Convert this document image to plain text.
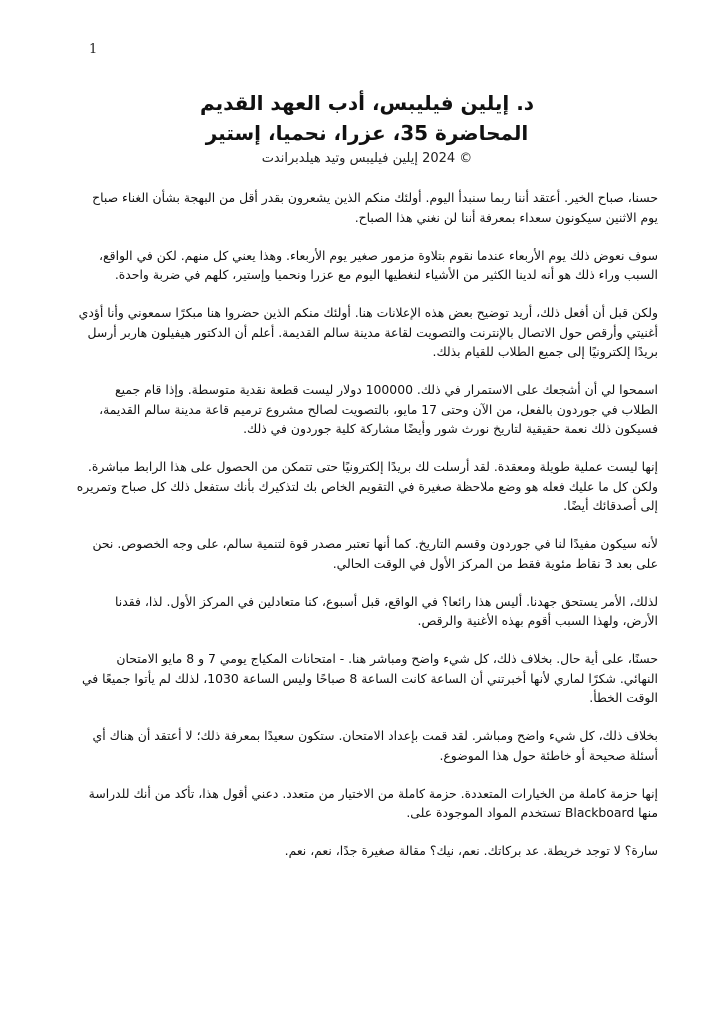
1
د. إيلين فيليبس، أدب العهد القديم
المحاضرة 35، عزرا، نحميا، إستير
© 2024 إيلين فيليبس وتيد هيلدبراندت

حسنا، صباح الخير. أعتقد أننا ربما سنبدأ اليوم. أولئك منكم الذين يشعرون بقدر أقل من البهجة بشأن الغناء صباح يوم الاثنين سيكونون سعداء بمعرفة أننا لن نغني هذا الصباح.

سوف نعوض ذلك يوم الأربعاء عندما نقوم بتلاوة مزمور صغير يوم الأربعاء. وهذا يعني كل منهم. لكن في الواقع، السبب وراء ذلك هو أنه لدينا الكثير من الأشياء لنغطيها اليوم مع عزرا ونحميا وإستير، كلهم في ضربة واحدة.

ولكن قبل أن أفعل ذلك، أريد توضيح بعض هذه الإعلانات هنا. أولئك منكم الذين حضروا هنا مبكرًا سمعوني وأنا أؤدي أغنيتي وأرقص حول الاتصال بالإنترنت والتصويت لقاعة مدينة سالم القديمة. أعلم أن الدكتور هيفيلون هاربر أرسل بريدًا إلكترونيًا إلى جميع الطلاب للقيام بذلك.

اسمحوا لي أن أشجعك على الاستمرار في ذلك. 100000 دولار ليست قطعة نقدية متوسطة. وإذا قام جميع الطلاب في جوردون بالفعل، من الآن وحتى 17 مايو، بالتصويت لصالح مشروع ترميم قاعة مدينة سالم القديمة، فسيكون ذلك نعمة حقيقية لتاريخ نورث شور وأيضًا مشاركة كلية جوردون في ذلك.

إنها ليست عملية طويلة ومعقدة. لقد أرسلت لك بريدًا إلكترونيًا حتى تتمكن من الحصول على هذا الرابط مباشرة. ولكن كل ما عليك فعله هو وضع ملاحظة صغيرة في التقويم الخاص بك لتذكيرك بأنك ستفعل ذلك كل صباح وتمريره إلى أصدقائك أيضًا.

لأنه سيكون مفيدًا لنا في جوردون وقسم التاريخ. كما أنها تعتبر مصدر قوة لتنمية سالم، على وجه الخصوص. نحن على بعد 3 نقاط مئوية فقط من المركز الأول في الوقت الحالي.

لذلك، الأمر يستحق جهدنا. أليس هذا رائعا؟ في الواقع، قبل أسبوع، كنا متعادلين في المركز الأول. لذا، فقدنا الأرض، ولهذا السبب أقوم بهذه الأغنية والرقص.

حسنًا، على أية حال. بخلاف ذلك، كل شيء واضح ومباشر هنا. - امتحانات المكياج يومي 7 و 8 مايو الامتحان النهائي. شكرًا لماري لأنها أخبرتني أن الساعة كانت الساعة 8 صباحًا وليس الساعة 1030، لذلك لم يأتوا جميعًا في الوقت الخطأ.

بخلاف ذلك، كل شيء واضح ومباشر. لقد قمت بإعداد الامتحان. ستكون سعيدًا بمعرفة ذلك؛ لا أعتقد أن هناك أي أسئلة صحيحة أو خاطئة حول هذا الموضوع.

إنها حزمة كاملة من الخيارات المتعددة. حزمة كاملة من الاختيار من متعدد. دعني أقول هذا، تأكد من أنك للدراسة منها Blackboard تستخدم المواد الموجودة على.

سارة؟ لا توجد خريطة. عد بركاتك. نعم، نيك؟ مقالة صغيرة جدًا، نعم، نعم.
